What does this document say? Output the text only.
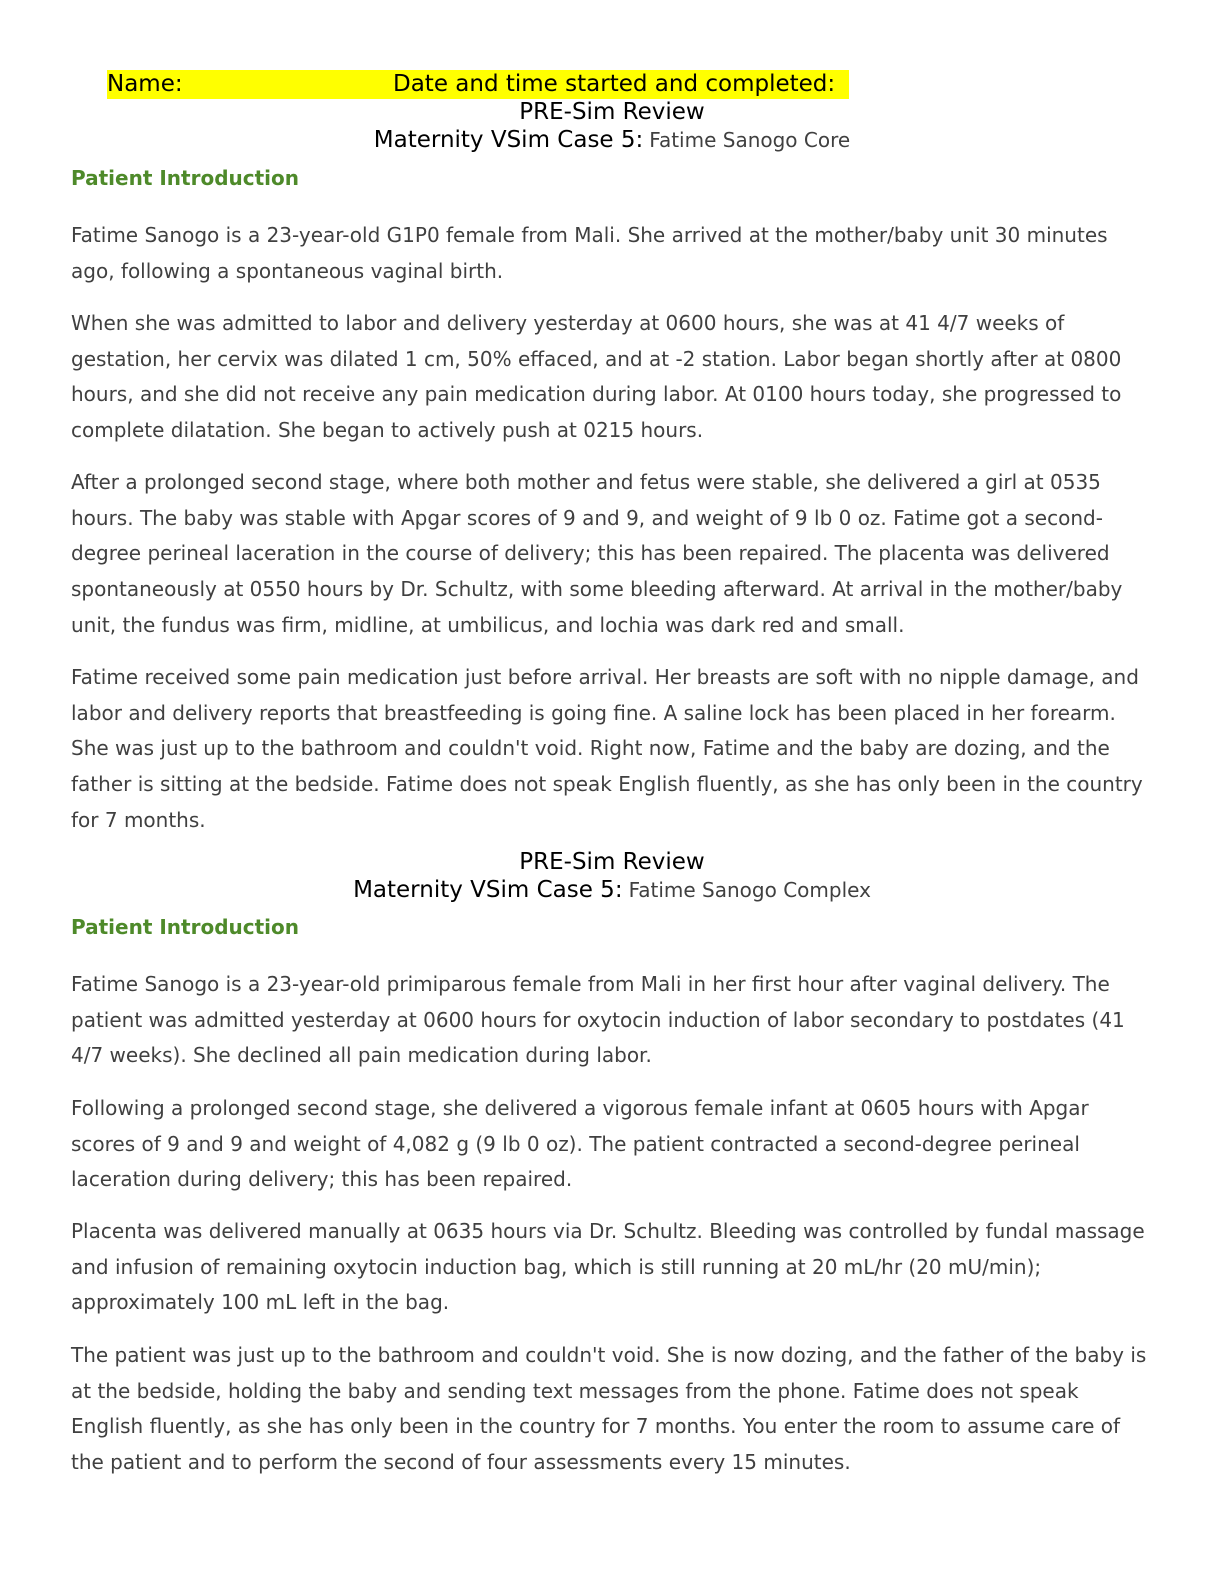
Name:	Date and time started and completed:
PRE-Sim Review
Maternity VSim Case 5: Fatime Sanogo Core
Patient Introduction

Fatime Sanogo is a 23-year-old G1P0 female from Mali. She arrived at the mother/baby unit 30 minutes ago, following a spontaneous vaginal birth.

When she was admitted to labor and delivery yesterday at 0600 hours, she was at 41 4/7 weeks of gestation, her cervix was dilated 1 cm, 50% effaced, and at -2 station. Labor began shortly after at 0800 hours, and she did not receive any pain medication during labor. At 0100 hours today, she progressed to complete dilatation. She began to actively push at 0215 hours.

After a prolonged second stage, where both mother and fetus were stable, she delivered a girl at 0535 hours. The baby was stable with Apgar scores of 9 and 9, and weight of 9 lb 0 oz. Fatime got a second-degree perineal laceration in the course of delivery; this has been repaired. The placenta was delivered spontaneously at 0550 hours by Dr. Schultz, with some bleeding afterward. At arrival in the mother/baby unit, the fundus was firm, midline, at umbilicus, and lochia was dark red and small.

Fatime received some pain medication just before arrival. Her breasts are soft with no nipple damage, and labor and delivery reports that breastfeeding is going fine. A saline lock has been placed in her forearm. She was just up to the bathroom and couldn't void. Right now, Fatime and the baby are dozing, and the father is sitting at the bedside. Fatime does not speak English fluently, as she has only been in the country for 7 months.

PRE-Sim Review
Maternity VSim Case 5: Fatime Sanogo Complex
Patient Introduction

Fatime Sanogo is a 23-year-old primiparous female from Mali in her first hour after vaginal delivery. The patient was admitted yesterday at 0600 hours for oxytocin induction of labor secondary to postdates (41 4/7 weeks). She declined all pain medication during labor.

Following a prolonged second stage, she delivered a vigorous female infant at 0605 hours with Apgar scores of 9 and 9 and weight of 4,082 g (9 lb 0 oz). The patient contracted a second-degree perineal laceration during delivery; this has been repaired.

Placenta was delivered manually at 0635 hours via Dr. Schultz. Bleeding was controlled by fundal massage and infusion of remaining oxytocin induction bag, which is still running at 20 mL/hr (20 mU/min); approximately 100 mL left in the bag.

The patient was just up to the bathroom and couldn't void. She is now dozing, and the father of the baby is at the bedside, holding the baby and sending text messages from the phone. Fatime does not speak English fluently, as she has only been in the country for 7 months. You enter the room to assume care of the patient and to perform the second of four assessments every 15 minutes.
